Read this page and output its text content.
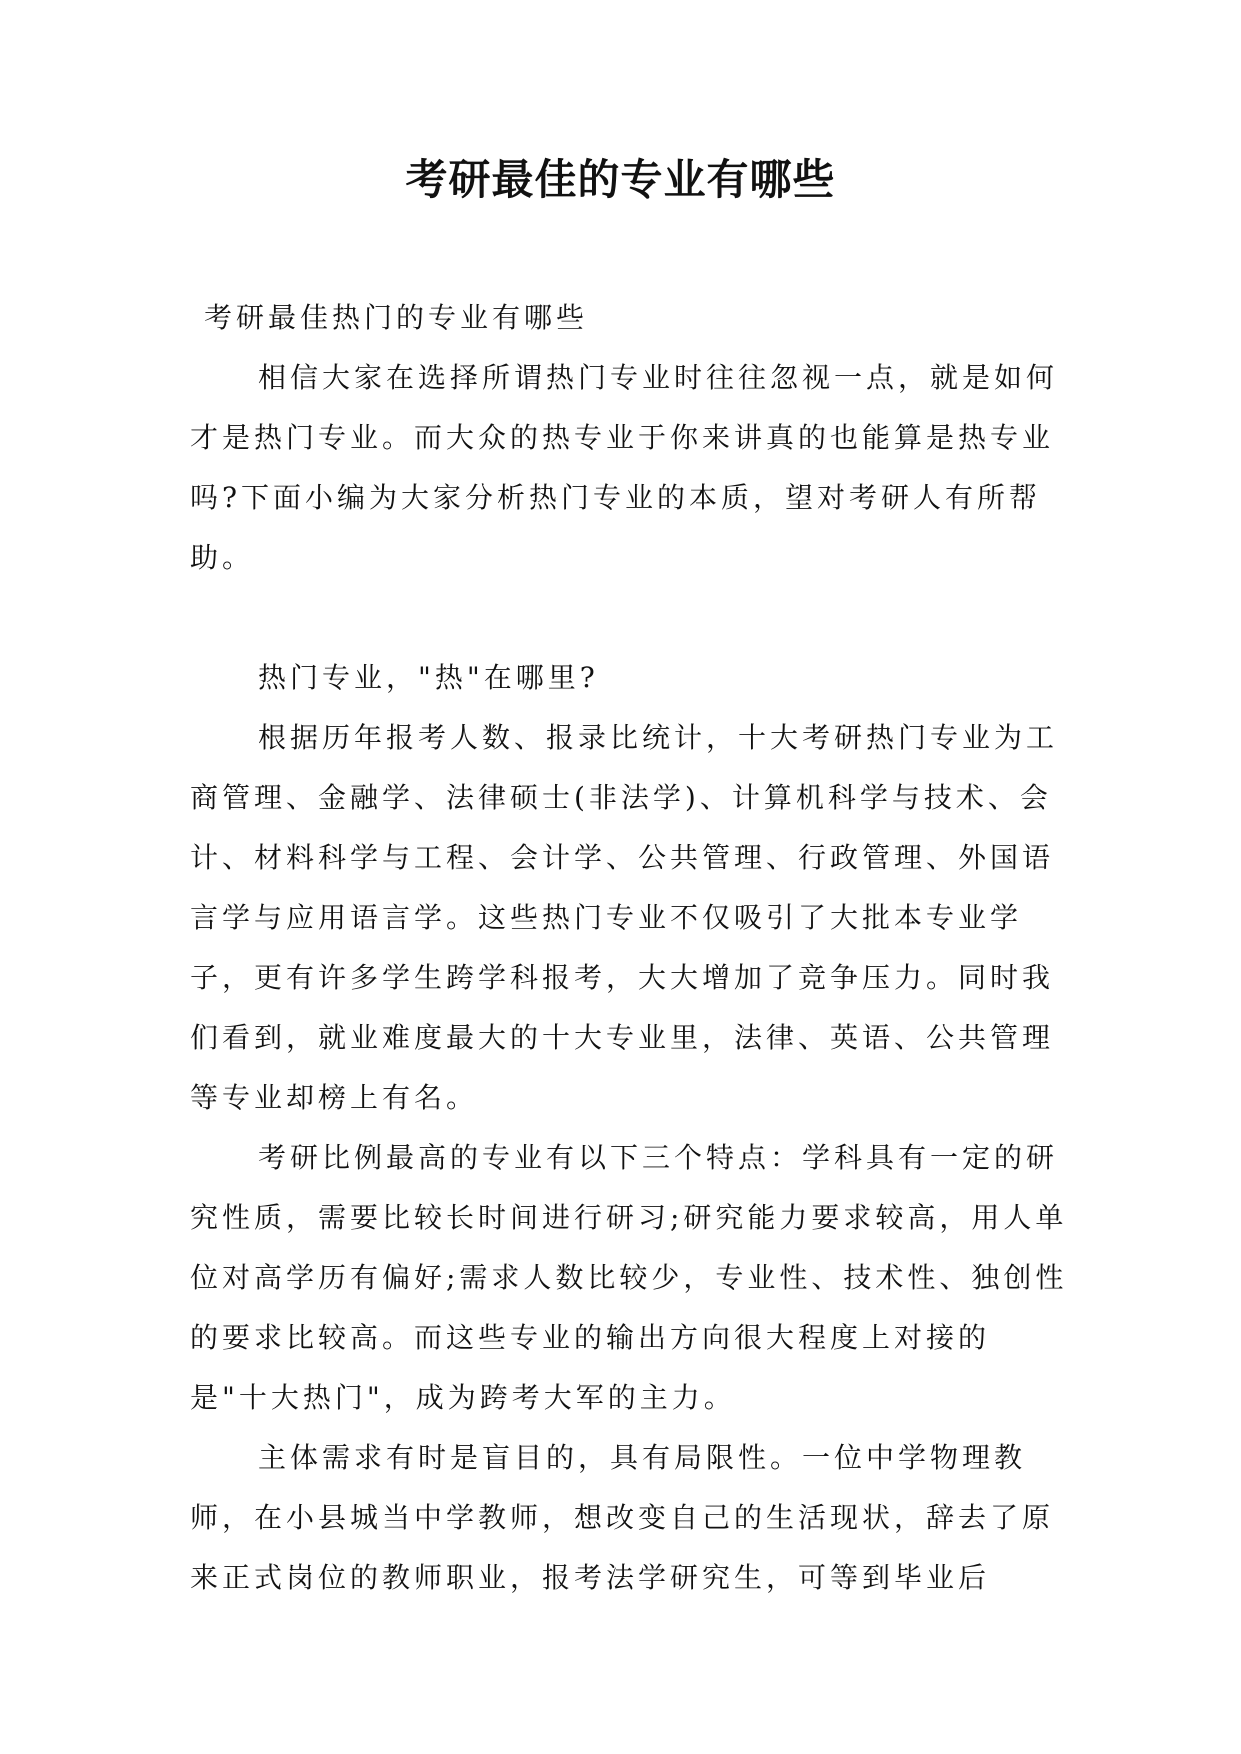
考研最佳的专业有哪些

考研最佳热门的专业有哪些

相信大家在选择所谓热门专业时往往忽视一点，就是如何才是热门专业。而大众的热专业于你来讲真的也能算是热专业吗?下面小编为大家分析热门专业的本质，望对考研人有所帮助。

热门专业，"热"在哪里?

根据历年报考人数、报录比统计，十大考研热门专业为工商管理、金融学、法律硕士(非法学)、计算机科学与技术、会计、材料科学与工程、会计学、公共管理、行政管理、外国语言学与应用语言学。这些热门专业不仅吸引了大批本专业学子，更有许多学生跨学科报考，大大增加了竞争压力。同时我们看到，就业难度最大的十大专业里，法律、英语、公共管理等专业却榜上有名。

考研比例最高的专业有以下三个特点：学科具有一定的研究性质，需要比较长时间进行研习;研究能力要求较高，用人单位对高学历有偏好;需求人数比较少，专业性、技术性、独创性的要求比较高。而这些专业的输出方向很大程度上对接的是"十大热门"，成为跨考大军的主力。

主体需求有时是盲目的，具有局限性。一位中学物理教师，在小县城当中学教师，想改变自己的生活现状，辞去了原来正式岗位的教师职业，报考法学研究生，可等到毕业后
